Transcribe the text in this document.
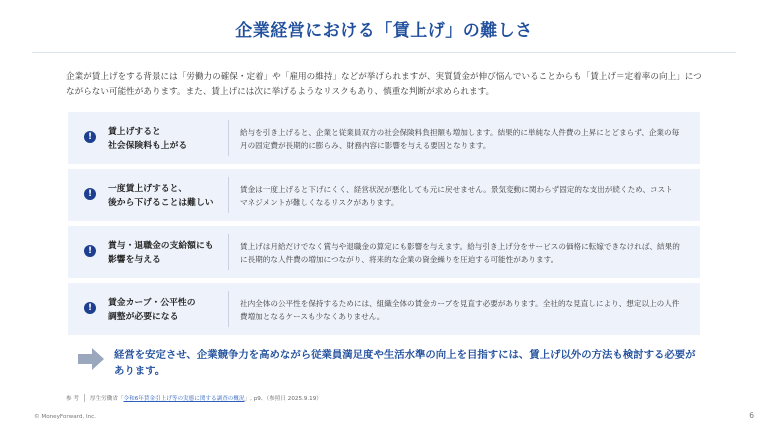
企業経営における「賃上げ」の難しさ

企業が賃上げをする背景には「労働力の確保・定着」や「雇用の維持」などが挙げられますが、実質賃金が伸び悩んでいることからも「賃上げ＝定着率の向上」につながらない可能性があります。また、賃上げには次に挙げるようなリスクもあり、慎重な判断が求められます。

!	賃上げすると
社会保険料も上がる

給与を引き上げると、企業と従業員双方の社会保険料負担額も増加します。結果的に単純な人件費の上昇にとどまらず、企業の毎月の固定費が長期的に膨らみ、財務内容に影響を与える要因となります。

!	一度賃上げすると、
後から下げることは難しい

賃金は一度上げると下げにくく、経営状況が悪化しても元に戻せません。景気変動に関わらず固定的な支出が続くため、コストマネジメントが難しくなるリスクがあります。

!	賞与・退職金の支給額にも
影響を与える

賃上げは月給だけでなく賞与や退職金の算定にも影響を与えます。給与引き上げ分をサービスの価格に転嫁できなければ、結果的に長期的な人件費の増加につながり、将来的な企業の資金繰りを圧迫する可能性があります。

!	賃金カーブ・公平性の
調整が必要になる

社内全体の公平性を保持するためには、組織全体の賃金カーブを見直す必要があります。全社的な見直しにより、想定以上の人件費増加となるケースも少なくありません。

経営を安定させ、企業競争力を高めながら従業員満足度や生活水準の向上を目指すには、賃上げ以外の方法も検討する必要があります。

参 考 厚生労働省「令和6年賃金引上げ等の実態に関する調査の概況」, p9、（参照日 2025.9.19）
© MoneyForward, Inc.	6
